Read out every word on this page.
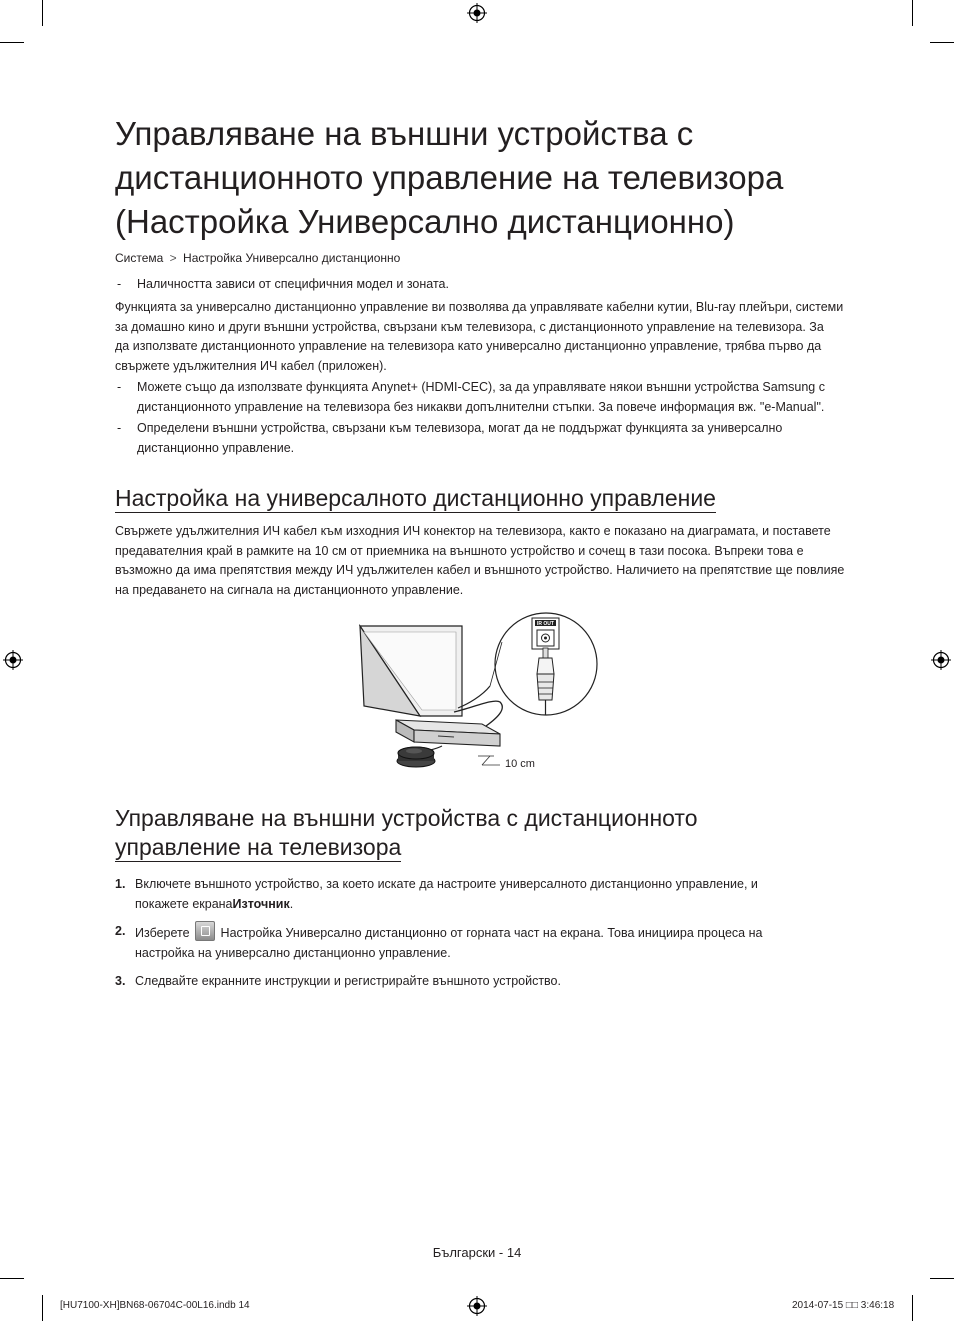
Управляване на външни устройства с
дистанционното управление на телевизора
(Настройка Универсално дистанционно)
Система > Настройка Универсално дистанционно
- Наличността зависи от специфичния модел и зоната.
Функцията за универсално дистанционно управление ви позволява да управлявате кабелни кутии, Blu-ray плейъри, системи
за домашно кино и други външни устройства, свързани към телевизора, с дистанционното управление на телевизора. За
да използвате дистанционното управление на телевизора като универсално дистанционно управление, трябва първо да
свържете удължителния ИЧ кабел (приложен).
- Можете също да използвате функцията Anynet+ (HDMI-CEC), за да управлявате някои външни устройства Samsung с
дистанционното управление на телевизора без никакви допълнителни стъпки. За повече информация вж. "e-Manual".
- Определени външни устройства, свързани към телевизора, могат да не поддържат функцията за универсално
дистанционно управление.
Настройка на универсалното дистанционно управление
Свържете удължителния ИЧ кабел към изходния ИЧ конектор на телевизора, както е показано на диаграмата, и поставете
предавателния край в рамките на 10 см от приемника на външното устройство и сочещ в тази посока. Въпреки това е
възможно да има препятствия между ИЧ удължителен кабел и външното устройство. Наличието на препятствие ще повлияе
на предаването на сигнала на дистанционното управление.
IR OUT
10 cm
Управляване на външни устройства с дистанционното
управление на телевизора
1. Включете външното устройство, за което искате да настроите универсалното дистанционно управление, и
покажете екранаИзточник.
2. Изберете Настройка Универсално дистанционно от горната част на екрана. Това инициира процеса на
настройка на универсално дистанционно управление.
3. Следвайте екранните инструкции и регистрирайте външното устройство.
Български - 14
[HU7100-XH]BN68-06704C-00L16.indb 14	2014-07-15 □□ 3:46:18
